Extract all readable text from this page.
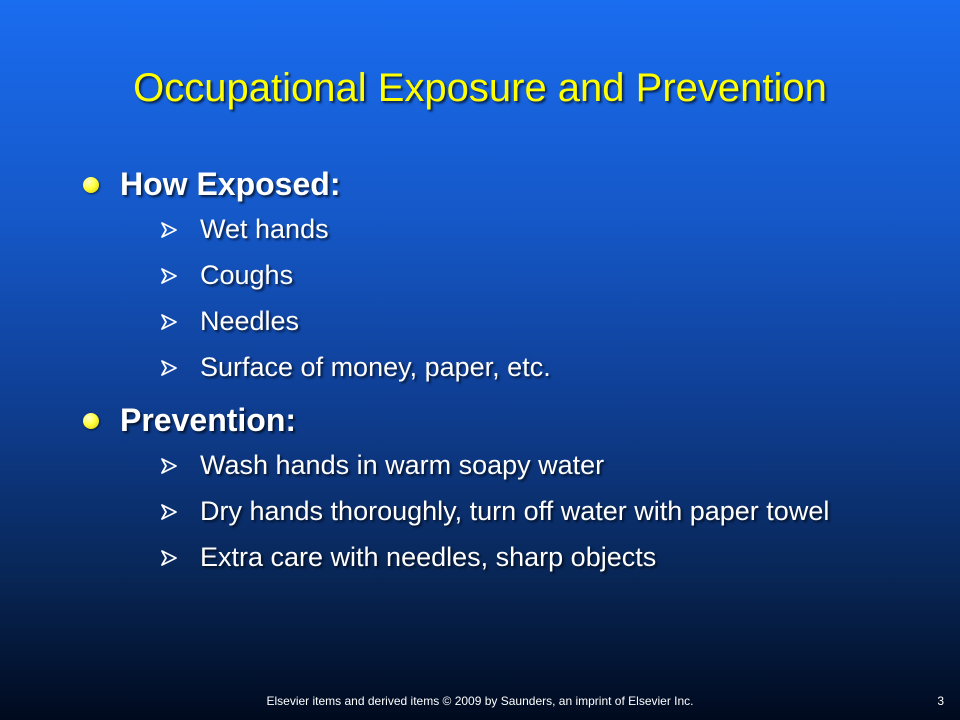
Occupational Exposure and Prevention
How Exposed:
Wet hands
Coughs
Needles
Surface of money, paper, etc.
Prevention:
Wash hands in warm soapy water
Dry hands thoroughly, turn off water with paper towel
Extra care with needles, sharp objects
Elsevier items and derived items © 2009 by Saunders, an imprint of Elsevier Inc.	3
